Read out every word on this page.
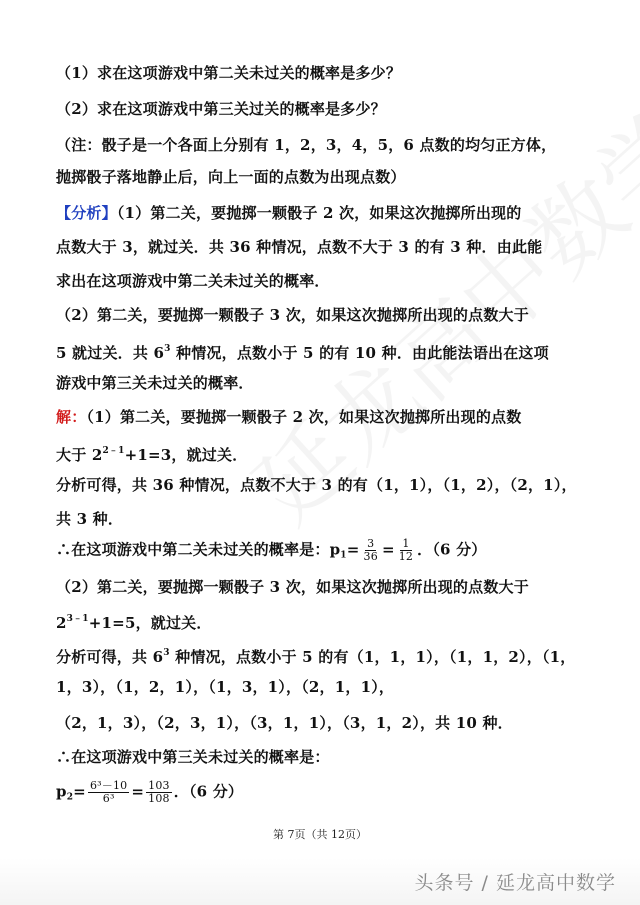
（1）求在这项游戏中第二关未过关的概率是多少？
（2）求在这项游戏中第三关过关的概率是多少？
（注：骰子是一个各面上分别有 1，2，3，4，5，6 点数的均匀正方体，
抛掷骰子落地静止后，向上一面的点数为出现点数）
【分析】（1）第二关，要抛掷一颗骰子 2 次，如果这次抛掷所出现的
点数大于 3，就过关．共 36 种情况，点数不大于 3 的有 3 种．由此能
求出在这项游戏中第二关未过关的概率．
（2）第二关，要抛掷一颗骰子 3 次，如果这次抛掷所出现的点数大于
5 就过关．共 $6^3$ 种情况，点数小于 5 的有 10 种．由此能法语出在这项
游戏中第三关未过关的概率．
解：（1）第二关，要抛掷一颗骰子 2 次，如果这次抛掷所出现的点数
大于 $2^{2﹣1}+1=3$，就过关．
分析可得，共 36 种情况，点数不大于 3 的有（1，1），（1，2），（2，1），
共 3 种．
∴在这项游戏中第二关未过关的概率是：$p_1= \frac{3}{36} = \frac{1}{12}$ ．（6 分）
（2）第二关，要抛掷一颗骰子 3 次，如果这次抛掷所出现的点数大于
$2^{3﹣1}+1=5$，就过关．
分析可得，共 $6^3$ 种情况，点数小于 5 的有（1，1，1），（1，1，2），（1，
1，3），（1，2，1），（1，3，1），（2，1，1），
（2，1，3），（2，3，1），（3，1，1），（3，1，2），共 10 种．
∴在这项游戏中第三关未过关的概率是：
$p_2= \frac{\text{6³－10}}{\text{6³}} = \frac{103}{108}$ ．（6 分）
第 7页（共 12页）
头条号 / 延龙高中数学
